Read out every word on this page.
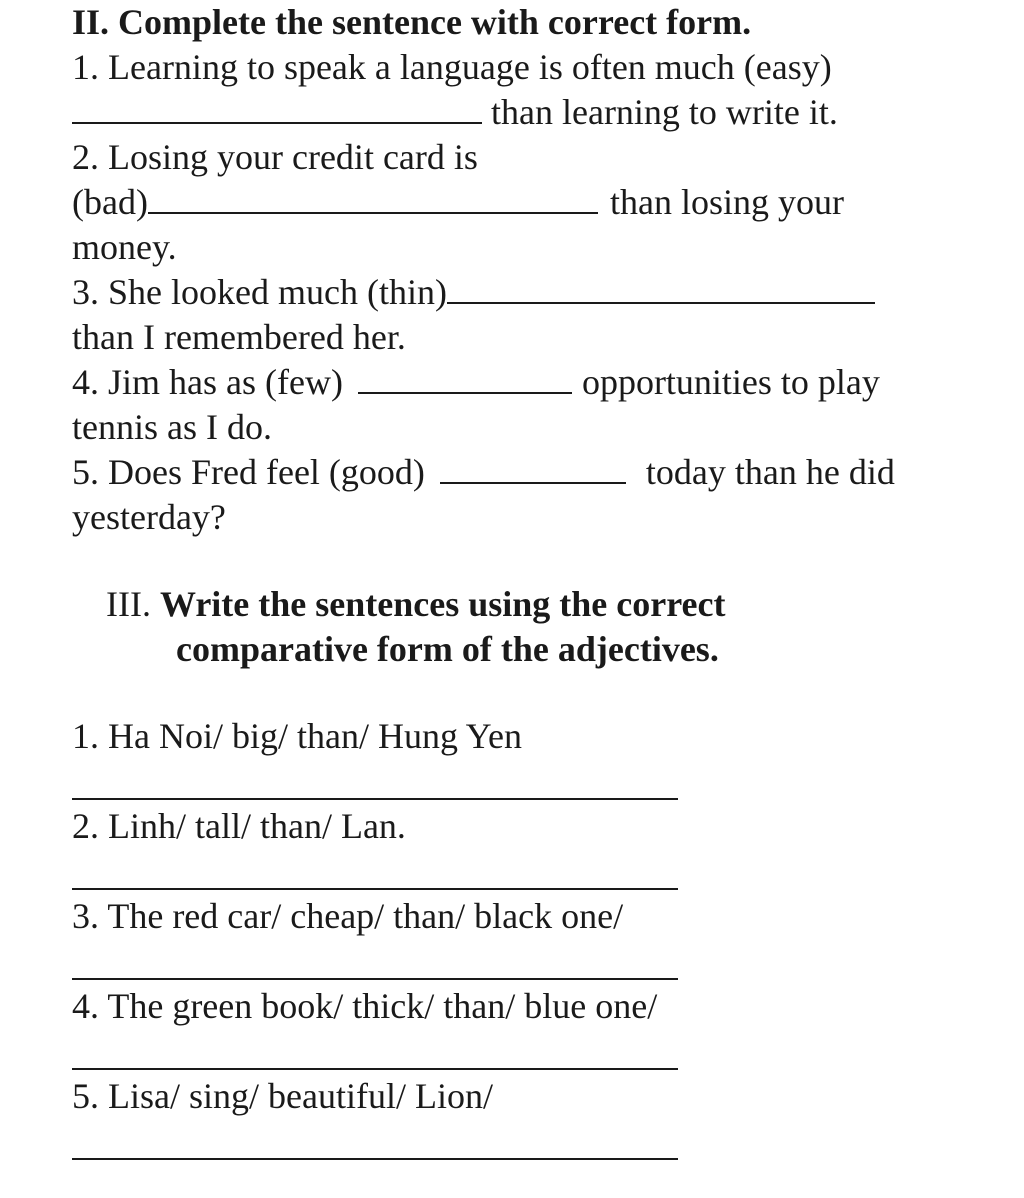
II. Complete the sentence with correct form.
1. Learning to speak a language is often much (easy)
than learning to write it.
2. Losing your credit card is
(bad)	than losing your
money.
3. She looked much (thin)
than I remembered her.
4. Jim has as (few)	opportunities to play
tennis as I do.
5. Does Fred feel (good)	today than he did
yesterday?
III. Write the sentences using the correct
comparative form of the adjectives.
1. Ha Noi/ big/ than/ Hung Yen
2. Linh/ tall/ than/ Lan.
3. The red car/ cheap/ than/ black one/
4. The green book/ thick/ than/ blue one/
5. Lisa/ sing/ beautiful/ Lion/
